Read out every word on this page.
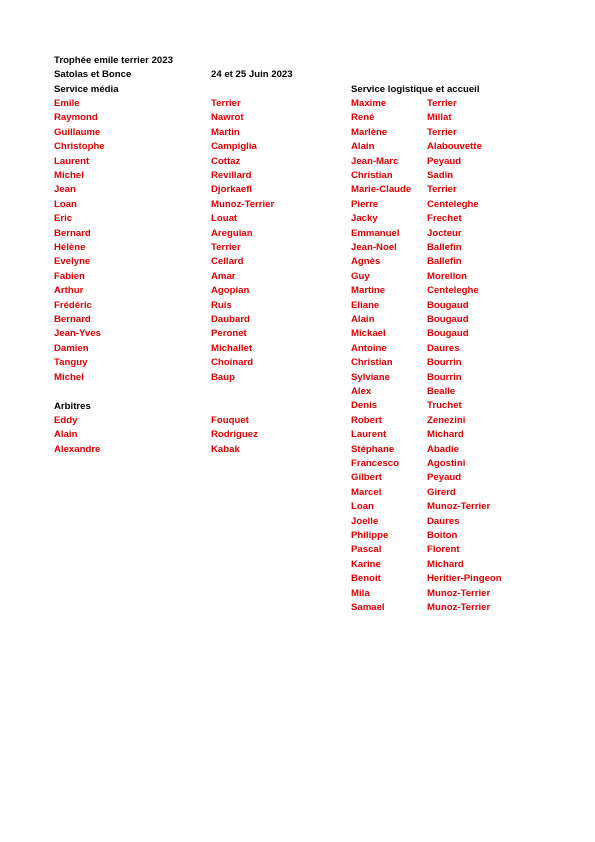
Trophée emile terrier 2023
Satolas et Bonce	24 et 25 Juin 2023
Service média	Service logistique et accueil
Arbitres
Emile	Terrier
Raymond	Nawrot
Guillaume	Martin
Christophe	Campiglia
Laurent	Cottaz
Michel	Revillard
Jean	Djorkaefl
Loan	Munoz-Terrier
Eric	Louat
Bernard	Areguian
Hélène	Terrier
Evelyne	Cellard
Fabien	Amar
Arthur	Agopian
Frédéric	Ruis
Bernard	Daubard
Jean-Yves	Peronet
Damien	Michallet
Tanguy	Choinard
Michel	Baup
Eddy	Fouquet
Alain	Rodriguez
Alexandre	Kabak
Maxime	Terrier
René	Millat
Marlène	Terrier
Alain	Alabouvette
Jean-Marc	Peyaud
Christian	Sadin
Marie-Claude Terrier
Pierre	Centeleghe
Jacky	Frechet
Emmanuel	Jocteur
Jean-Noel	Ballefin
Agnès	Ballefin
Guy	Morellon
Martine	Centeleghe
Eliane	Bougaud
Alain	Bougaud
Mickael	Bougaud
Antoine	Daures
Christian	Bourrin
Sylviane	Bourrin
Alex	Bealle
Denis	Truchet
Robert	Zenezini
Laurent	Michard
Stéphane	Abadie
Francesco	Agostini
Gilbert	Peyaud
Marcel	Girerd
Loan	Munoz-Terrier
Joelle	Daures
Philippe	Boiton
Pascal	Florent
Karine	Michard
Benoit	Heritier-Pingeon
Mila	Munoz-Terrier
Samael	Munoz-Terrier
